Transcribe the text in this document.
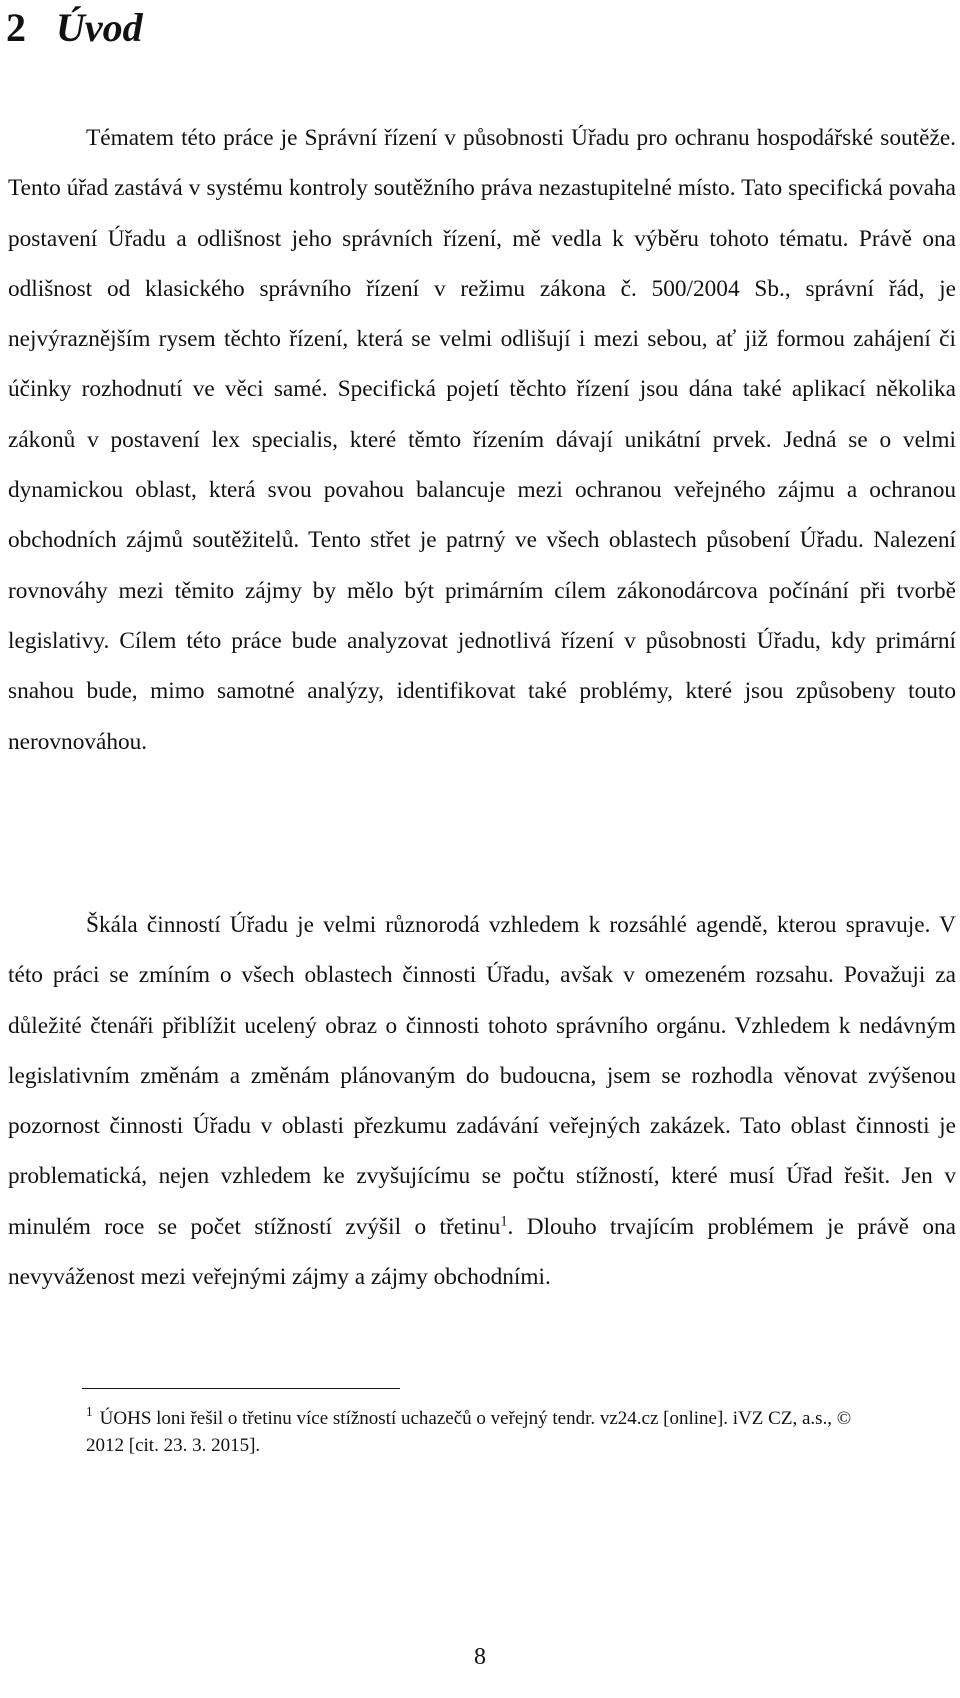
2 Úvod

Tématem této práce je Správní řízení v působnosti Úřadu pro ochranu hospodářské soutěže. Tento úřad zastává v systému kontroly soutěžního práva nezastupitelné místo. Tato specifická povaha postavení Úřadu a odlišnost jeho správních řízení, mě vedla k výběru tohoto tématu. Právě ona odlišnost od klasického správního řízení v režimu zákona č. 500/2004 Sb., správní řád, je nejvýraznějším rysem těchto řízení, která se velmi odlišují i mezi sebou, ať již formou zahájení či účinky rozhodnutí ve věci samé. Specifická pojetí těchto řízení jsou dána také aplikací několika zákonů v postavení lex specialis, které těmto řízením dávají unikátní prvek. Jedná se o velmi dynamickou oblast, která svou povahou balancuje mezi ochranou veřejného zájmu a ochranou obchodních zájmů soutěžitelů. Tento střet je patrný ve všech oblastech působení Úřadu. Nalezení rovnováhy mezi těmito zájmy by mělo být primárním cílem zákonodárcova počínání při tvorbě legislativy. Cílem této práce bude analyzovat jednotlivá řízení v působnosti Úřadu, kdy primární snahou bude, mimo samotné analýzy, identifikovat také problémy, které jsou způsobeny touto nerovnováhou.

Škála činností Úřadu je velmi různorodá vzhledem k rozsáhlé agendě, kterou spravuje. V této práci se zmíním o všech oblastech činnosti Úřadu, avšak v omezeném rozsahu. Považuji za důležité čtenáři přiblížit ucelený obraz o činnosti tohoto správního orgánu. Vzhledem k nedávným legislativním změnám a změnám plánovaným do budoucna, jsem se rozhodla věnovat zvýšenou pozornost činnosti Úřadu v oblasti přezkumu zadávání veřejných zakázek. Tato oblast činnosti je problematická, nejen vzhledem ke zvyšujícímu se počtu stížností, které musí Úřad řešit. Jen v minulém roce se počet stížností zvýšil o třetinu$^1$. Dlouho trvajícím problémem je právě ona nevyváženost mezi veřejnými zájmy a zájmy obchodními.

$^1$ ÚOHS loni řešil o třetinu více stížností uchazečů o veřejný tendr. vz24.cz [online]. iVZ CZ, a.s., © 2012 [cit. 23. 3. 2015].

8
